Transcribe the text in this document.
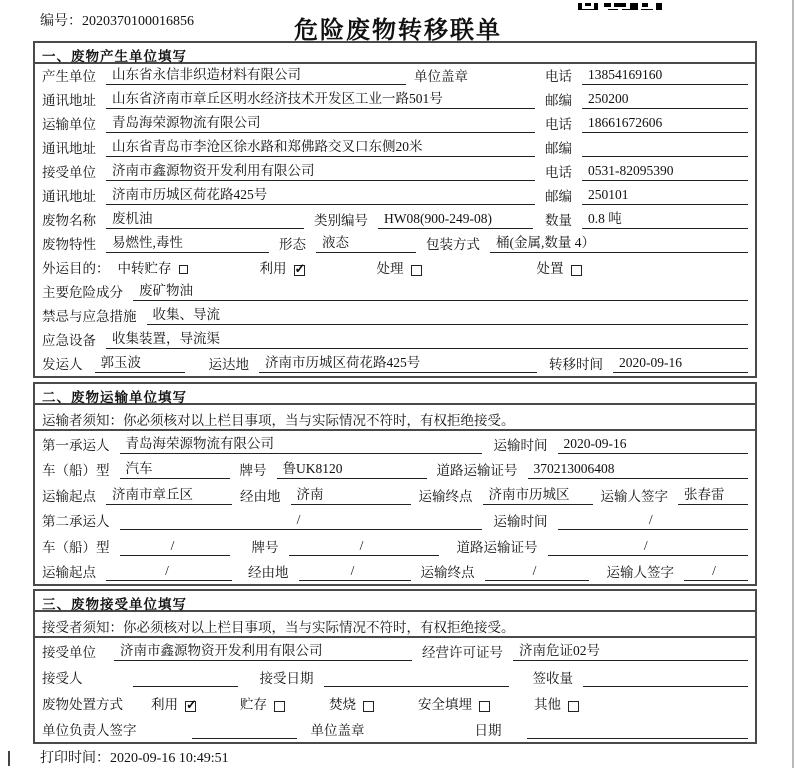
编号：2020370100016856	危险废物转移联单
一、废物产生单位填写
产生单位	山东省永信非织造材料有限公司	单位盖章	电话	13854169160
通讯地址	山东省济南市章丘区明水经济技术开发区工业一路501号	邮编	250200
运输单位	青岛海荣源物流有限公司	电话	18661672606
通讯地址	山东省青岛市李沧区徐水路和郑佛路交叉口东侧20米	邮编
接受单位	济南市鑫源物资开发利用有限公司	电话	0531-82095390
通讯地址	济南市历城区荷花路425号	邮编	250101
废物名称	废机油	类别编号	HW08(900-249-08)	数量	0.8 吨
废物特性	易燃性,毒性	形态	液态	包装方式	桶(金属,数量 4）
外运目的： 中转贮存	利用 ✓	处理	处置
主要危险成分	废矿物油
禁忌与应急措施	收集、导流
应急设备	收集装置，导流渠
发运人	郭玉波	运达地	济南市历城区荷花路425号	转移时间	2020-09-16
二、废物运输单位填写
运输者须知：你必须核对以上栏目事项，当与实际情况不符时，有权拒绝接受。
第一承运人	青岛海荣源物流有限公司	运输时间	2020-09-16
车（船）型	汽车	牌号	鲁UK8120	道路运输证号	370213006408
运输起点	济南市章丘区	经由地	济南	运输终点	济南市历城区	运输人签字	张春雷
第二承运人	/	运输时间	/
车（船）型	/	牌号	/	道路运输证号	/
运输起点	/	经由地	/	运输终点	/	运输人签字	/
三、废物接受单位填写
接受者须知：你必须核对以上栏目事项，当与实际情况不符时，有权拒绝接受。
接受单位	济南市鑫源物资开发利用有限公司	经营许可证号	济南危证02号
接受人	接受日期	签收量
废物处置方式 利用 ✓	贮存	焚烧	安全填埋	其他
单位负责人签字	单位盖章	日期
打印时间：2020-09-16 10:49:51
